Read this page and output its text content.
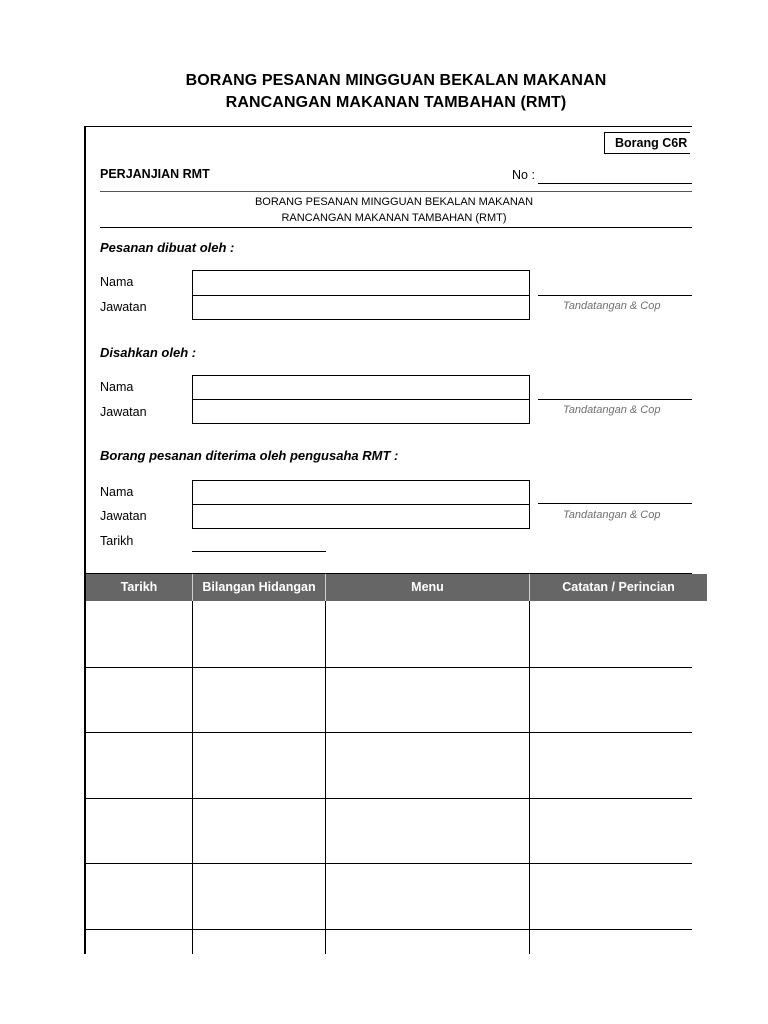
BORANG PESANAN MINGGUAN BEKALAN MAKANAN
RANCANGAN MAKANAN TAMBAHAN (RMT)
Borang C6R
PERJANJIAN RMT	No :
BORANG PESANAN MINGGUAN BEKALAN MAKANAN
RANCANGAN MAKANAN TAMBAHAN (RMT)
Pesanan dibuat oleh :
Nama
Jawatan	Tandatangan & Cop
Disahkan oleh :
Nama
Jawatan	Tandatangan & Cop
Borang pesanan diterima oleh pengusaha RMT :
Nama
Jawatan
Tarikh
Tandatangan & Cop
Tarikh	Bilangan Hidangan	Menu	Catatan / Perincian
